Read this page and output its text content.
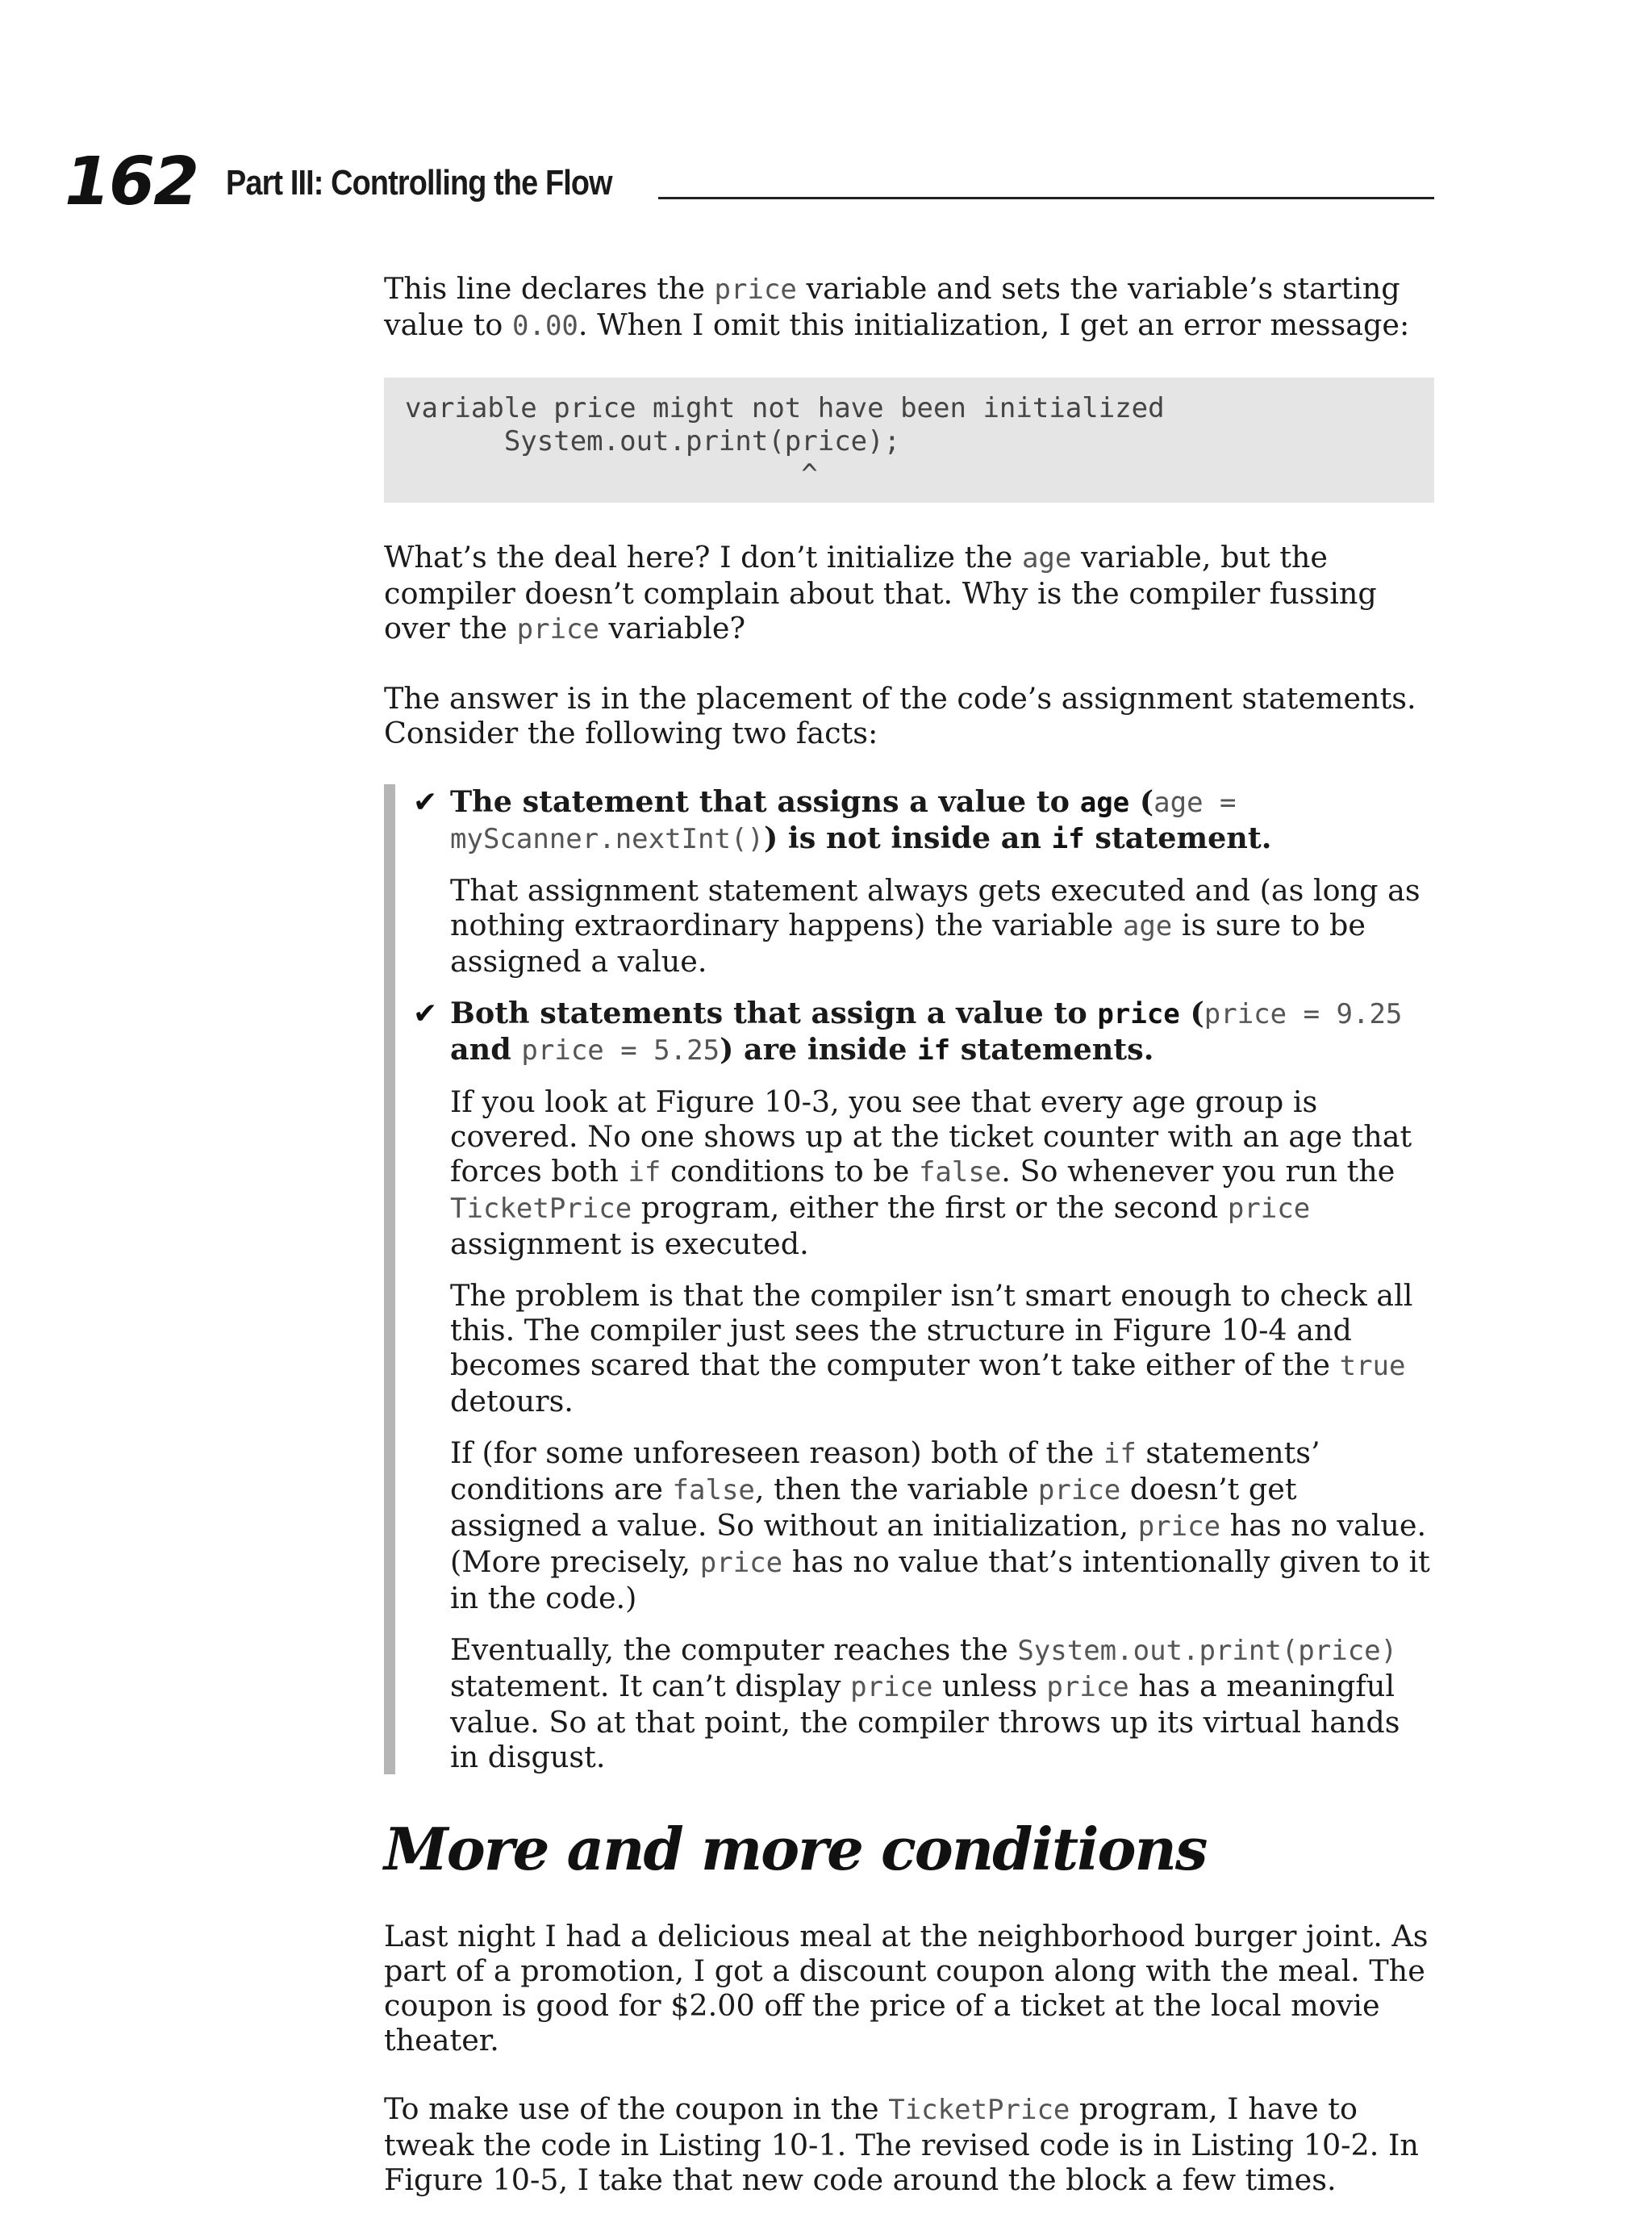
162 Part III: Controlling the Flow

This line declares the price variable and sets the variable’s starting value to 0.00. When I omit this initialization, I get an error message:

variable price might not have been initialized
System.out.print(price);
^

What’s the deal here? I don’t initialize the age variable, but the compiler doesn’t complain about that. Why is the compiler fussing over the price variable?

The answer is in the placement of the code’s assignment statements. Consider the following two facts:

✔ The statement that assigns a value to age (age = myScanner.nextInt()) is not inside an if statement.

That assignment statement always gets executed and (as long as nothing extraordinary happens) the variable age is sure to be assigned a value.

✔ Both statements that assign a value to price (price = 9.25 and price = 5.25) are inside if statements.

If you look at Figure 10-3, you see that every age group is covered. No one shows up at the ticket counter with an age that forces both if conditions to be false. So whenever you run the TicketPrice program, either the first or the second price assignment is executed.

The problem is that the compiler isn’t smart enough to check all this. The compiler just sees the structure in Figure 10-4 and becomes scared that the computer won’t take either of the true detours.

If (for some unforeseen reason) both of the if statements’ conditions are false, then the variable price doesn’t get assigned a value. So without an initialization, price has no value. (More precisely, price has no value that’s intentionally given to it in the code.)

Eventually, the computer reaches the System.out.print(price) statement. It can’t display price unless price has a meaningful value. So at that point, the compiler throws up its virtual hands in disgust.

More and more conditions

Last night I had a delicious meal at the neighborhood burger joint. As part of a promotion, I got a discount coupon along with the meal. The coupon is good for $2.00 off the price of a ticket at the local movie theater.

To make use of the coupon in the TicketPrice program, I have to tweak the code in Listing 10-1. The revised code is in Listing 10-2. In Figure 10-5, I take that new code around the block a few times.
